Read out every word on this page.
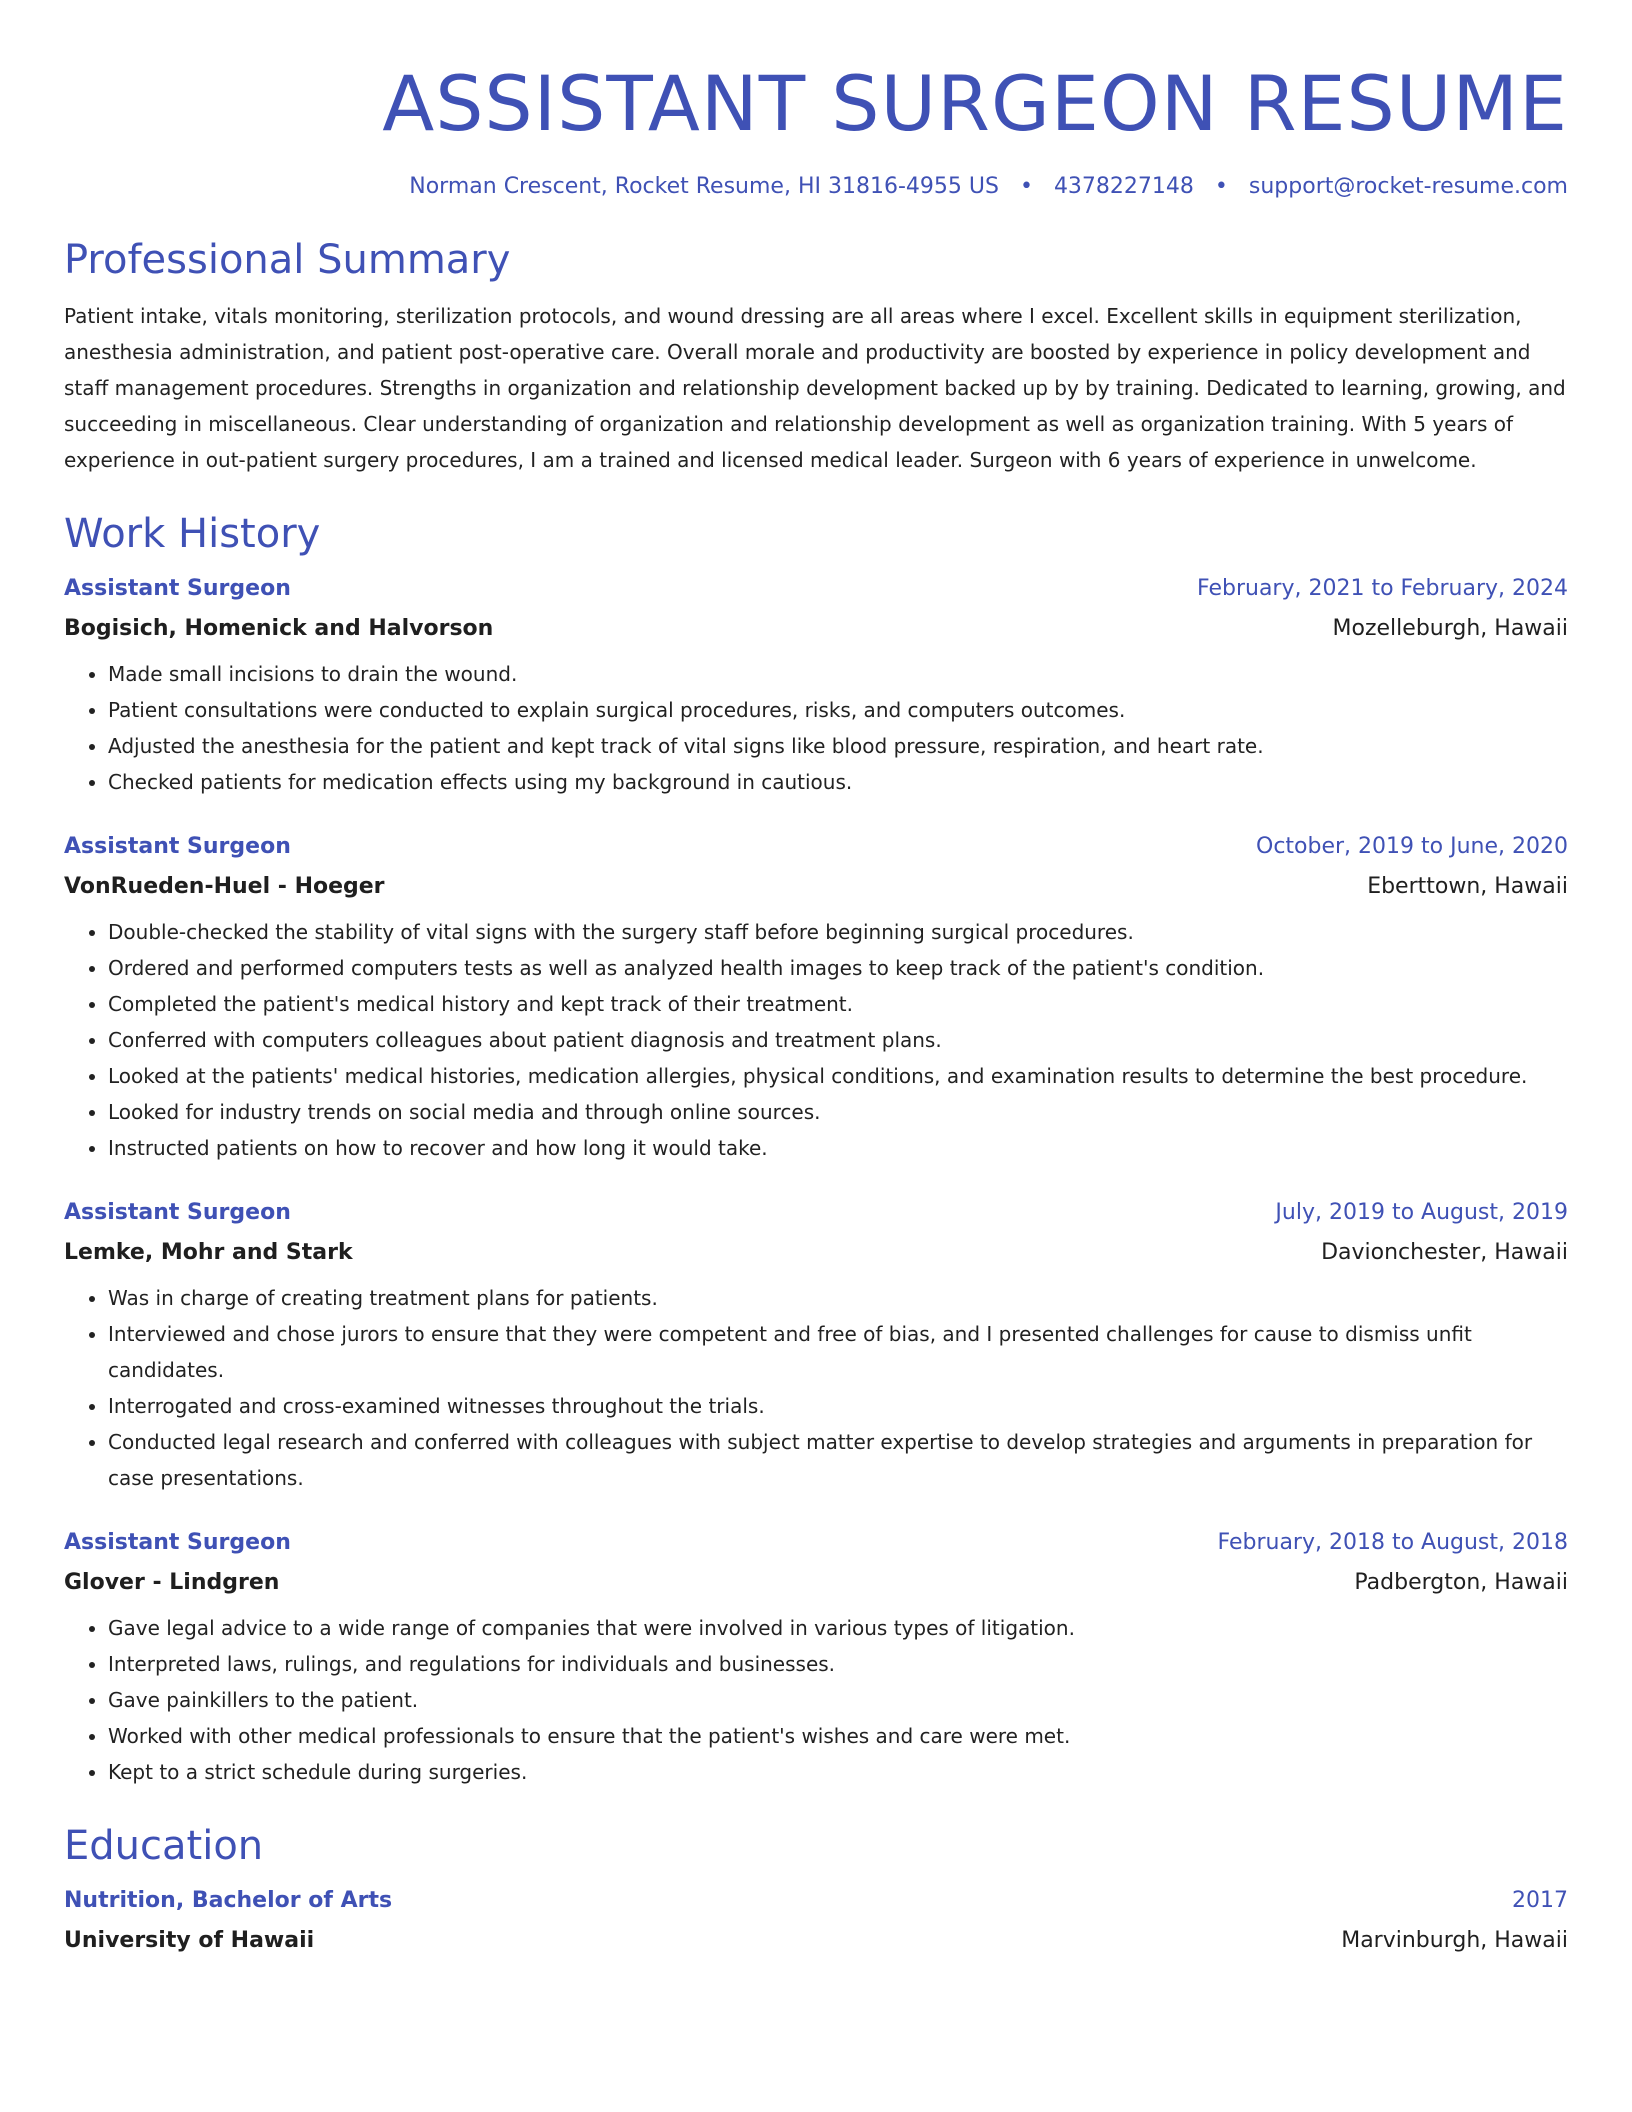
ASSISTANT SURGEON RESUME
Norman Crescent, Rocket Resume, HI 31816-4955 US • 4378227148 • support@rocket-resume.com
Professional Summary
Patient intake, vitals monitoring, sterilization protocols, and wound dressing are all areas where I excel. Excellent skills in equipment sterilization, anesthesia administration, and patient post-operative care. Overall morale and productivity are boosted by experience in policy development and staff management procedures. Strengths in organization and relationship development backed up by by training. Dedicated to learning, growing, and succeeding in miscellaneous. Clear understanding of organization and relationship development as well as organization training. With 5 years of experience in out-patient surgery procedures, I am a trained and licensed medical leader. Surgeon with 6 years of experience in unwelcome.
Work History
Assistant Surgeon	February, 2021 to February, 2024
Bogisich, Homenick and Halvorson	Mozelleburgh, Hawaii
• Made small incisions to drain the wound.
• Patient consultations were conducted to explain surgical procedures, risks, and computers outcomes.
• Adjusted the anesthesia for the patient and kept track of vital signs like blood pressure, respiration, and heart rate.
• Checked patients for medication effects using my background in cautious.
Assistant Surgeon	October, 2019 to June, 2020
VonRueden-Huel - Hoeger	Eberttown, Hawaii
• Double-checked the stability of vital signs with the surgery staff before beginning surgical procedures.
• Ordered and performed computers tests as well as analyzed health images to keep track of the patient's condition.
• Completed the patient's medical history and kept track of their treatment.
• Conferred with computers colleagues about patient diagnosis and treatment plans.
• Looked at the patients' medical histories, medication allergies, physical conditions, and examination results to determine the best procedure.
• Looked for industry trends on social media and through online sources.
• Instructed patients on how to recover and how long it would take.
Assistant Surgeon	July, 2019 to August, 2019
Lemke, Mohr and Stark	Davionchester, Hawaii
• Was in charge of creating treatment plans for patients.
• Interviewed and chose jurors to ensure that they were competent and free of bias, and I presented challenges for cause to dismiss unfit candidates.
• Interrogated and cross-examined witnesses throughout the trials.
• Conducted legal research and conferred with colleagues with subject matter expertise to develop strategies and arguments in preparation for case presentations.
Assistant Surgeon	February, 2018 to August, 2018
Glover - Lindgren	Padbergton, Hawaii
• Gave legal advice to a wide range of companies that were involved in various types of litigation.
• Interpreted laws, rulings, and regulations for individuals and businesses.
• Gave painkillers to the patient.
• Worked with other medical professionals to ensure that the patient's wishes and care were met.
• Kept to a strict schedule during surgeries.
Education
Nutrition, Bachelor of Arts	2017
University of Hawaii	Marvinburgh, Hawaii
